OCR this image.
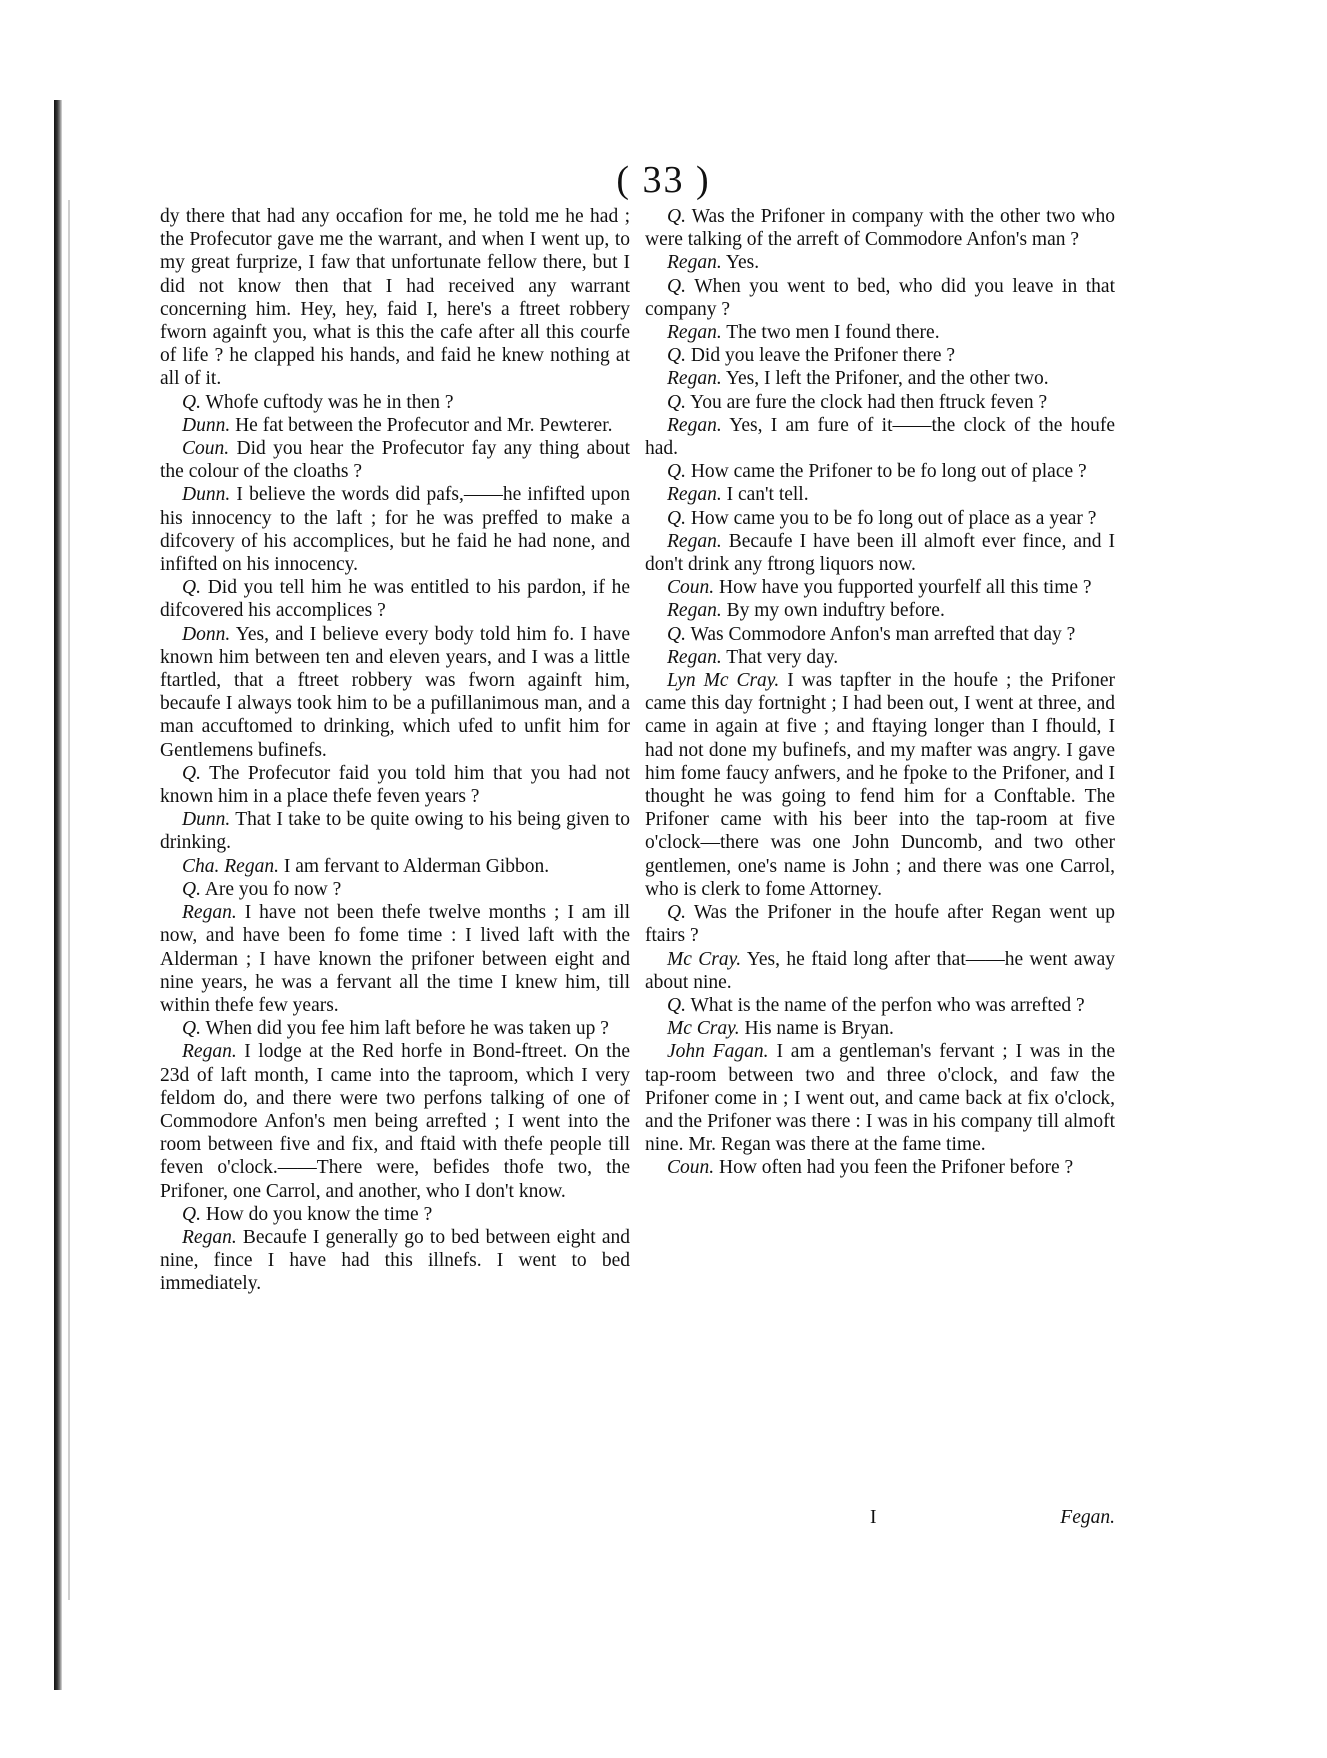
( 33 )

dy there that had any occafion for me, he told me he had ; the Profecutor gave me the warrant, and when I went up, to my great furprize, I faw that unfortunate fellow there, but I did not know then that I had received any warrant concerning him. Hey, hey, faid I, here's a ftreet robbery fworn againft you, what is this the cafe after all this courfe of life ? he clapped his hands, and faid he knew nothing at all of it.

Q. Whofe cuftody was he in then ?

Dunn. He fat between the Profecutor and Mr. Pewterer.

Coun. Did you hear the Profecutor fay any thing about the colour of the cloaths ?

Dunn. I believe the words did pafs,——he infifted upon his innocency to the laft ; for he was preffed to make a difcovery of his accomplices, but he faid he had none, and infifted on his innocency.

Q. Did you tell him he was entitled to his pardon, if he difcovered his accomplices ?

Donn. Yes, and I believe every body told him fo. I have known him between ten and eleven years, and I was a little ftartled, that a ftreet robbery was fworn againft him, becaufe I always took him to be a pufillanimous man, and a man accuftomed to drinking, which ufed to unfit him for Gentlemens bufinefs.

Q. The Profecutor faid you told him that you had not known him in a place thefe feven years ?

Dunn. That I take to be quite owing to his being given to drinking.

Cha. Regan. I am fervant to Alderman Gibbon.

Q. Are you fo now ?

Regan. I have not been thefe twelve months ; I am ill now, and have been fo fome time : I lived laft with the Alderman ; I have known the prifoner between eight and nine years, he was a fervant all the time I knew him, till within thefe few years.

Q. When did you fee him laft before he was taken up ?

Regan. I lodge at the Red horfe in Bond-ftreet. On the 23d of laft month, I came into the taproom, which I very feldom do, and there were two perfons talking of one of Commodore Anfon's men being arrefted ; I went into the room between five and fix, and ftaid with thefe people till feven o'clock.——There were, befides thofe two, the Prifoner, one Carrol, and another, who I don't know.

Q. How do you know the time ?

Regan. Becaufe I generally go to bed between eight and nine, fince I have had this illnefs. I went to bed immediately.

Q. Was the Prifoner in company with the other two who were talking of the arreft of Commodore Anfon's man ?

Regan. Yes.

Q. When you went to bed, who did you leave in that company ?

Regan. The two men I found there.

Q. Did you leave the Prifoner there ?

Regan. Yes, I left the Prifoner, and the other two.

Q. You are fure the clock had then ftruck feven ?

Regan. Yes, I am fure of it——the clock of the houfe had.

Q. How came the Prifoner to be fo long out of place ?

Regan. I can't tell.

Q. How came you to be fo long out of place as a year ?

Regan. Becaufe I have been ill almoft ever fince, and I don't drink any ftrong liquors now.

Coun. How have you fupported yourfelf all this time ?

Regan. By my own induftry before.

Q. Was Commodore Anfon's man arrefted that day ?

Regan. That very day.

Lyn Mc Cray. I was tapfter in the houfe ; the Prifoner came this day fortnight ; I had been out, I went at three, and came in again at five ; and ftaying longer than I fhould, I had not done my bufinefs, and my mafter was angry. I gave him fome faucy anfwers, and he fpoke to the Prifoner, and I thought he was going to fend him for a Conftable. The Prifoner came with his beer into the tap-room at five o'clock—there was one John Duncomb, and two other gentlemen, one's name is John ; and there was one Carrol, who is clerk to fome Attorney.

Q. Was the Prifoner in the houfe after Regan went up ftairs ?

Mc Cray. Yes, he ftaid long after that——he went away about nine.

Q. What is the name of the perfon who was arrefted ?

Mc Cray. His name is Bryan.

John Fagan. I am a gentleman's fervant ; I was in the tap-room between two and three o'clock, and faw the Prifoner come in ; I went out, and came back at fix o'clock, and the Prifoner was there : I was in his company till almoft nine. Mr. Regan was there at the fame time.

Coun. How often had you feen the Prifoner before ?

I	Fegan.
